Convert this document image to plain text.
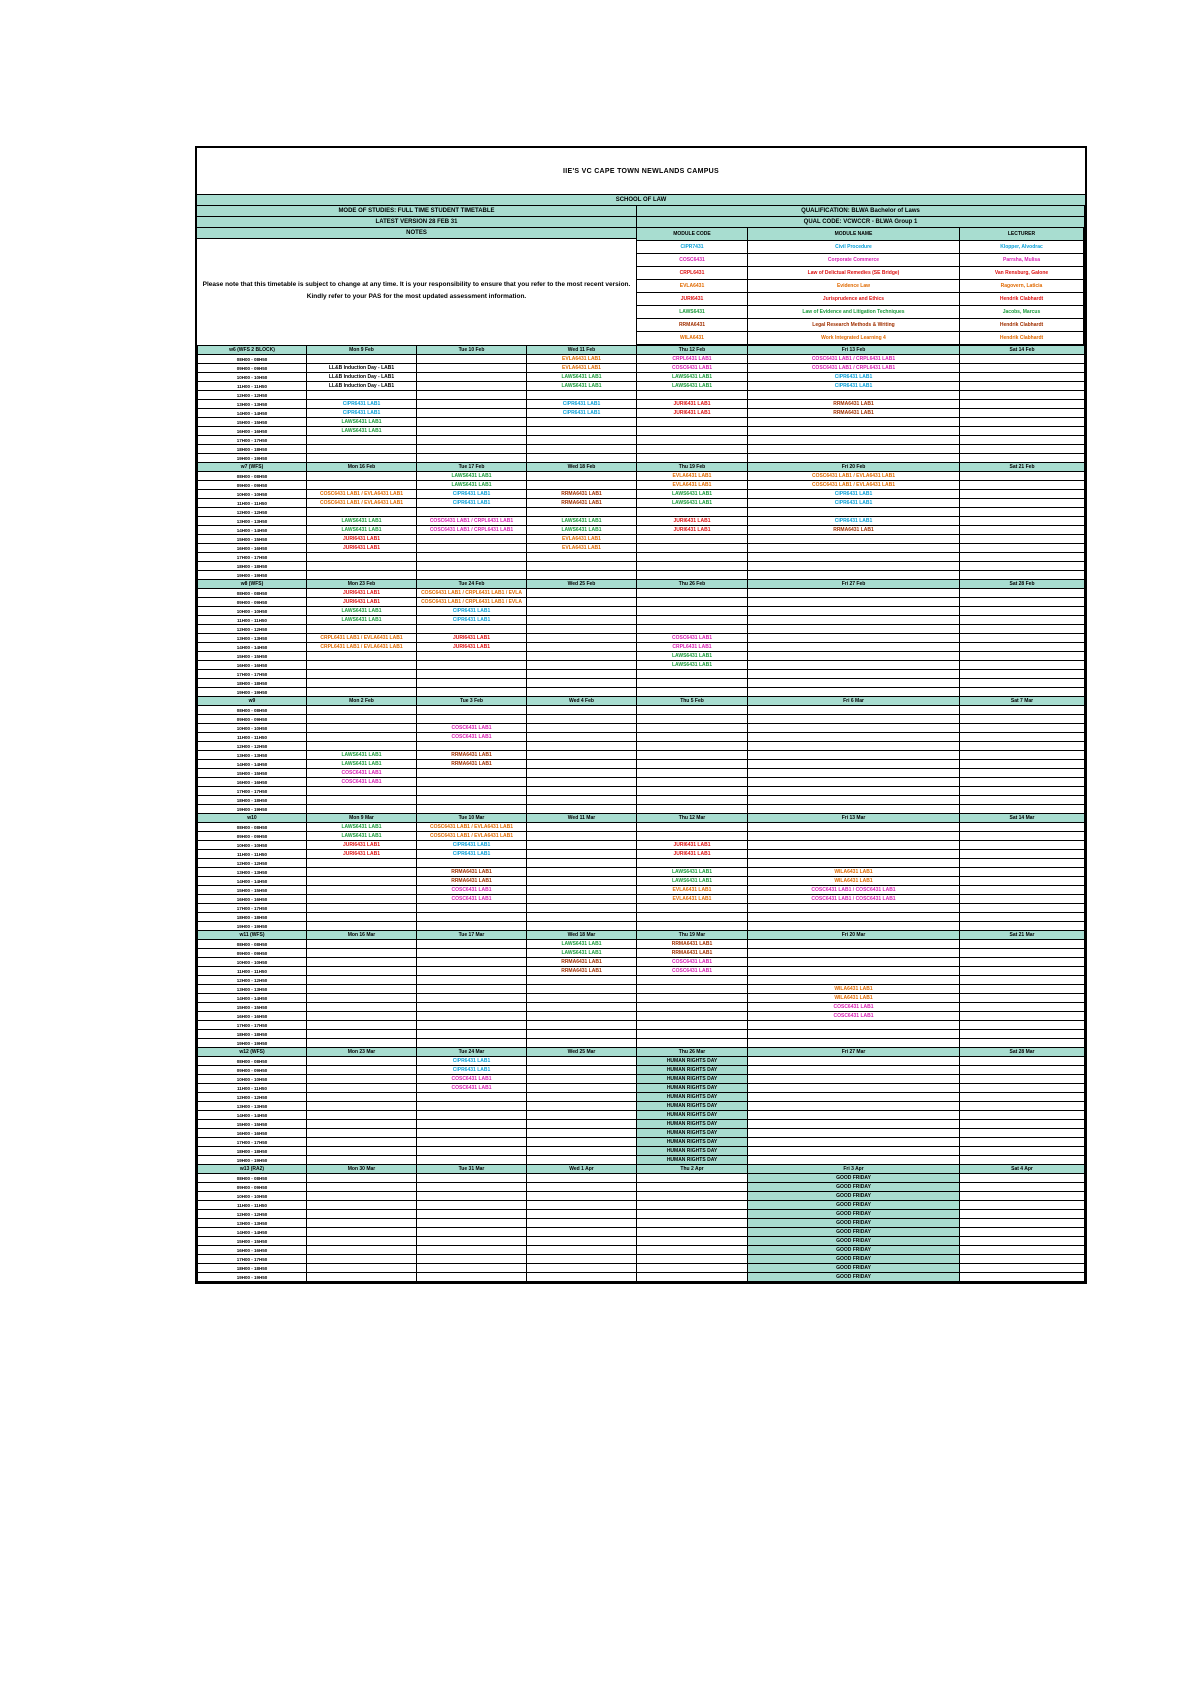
IIE'S VC CAPE TOWN NEWLANDS CAMPUS
SCHOOL OF LAW
MODE OF STUDIES: FULL TIME STUDENT TIMETABLE
LATEST VERSION 28 FEB 31
NOTES
Please note that this timetable is subject to change at any time. It is your responsibility to ensure that you refer to the most recent version. Kindly refer to your PAS for the most updated assessment information.
QUALIFICATION: BLWA Bachelor of Laws
QUAL CODE: VCWCCR - BLWA Group 1
MODULE CODE	MODULE NAME	LECTURER
CIPR7431	Civil Procedure	Klopper, Alvodrac
COSC6431	Corporate Commerce	Parrsha, Mulisa
CRPL6431	Law of Delictual Remedies (SE Bridge)	Van Rensburg, Galone
EVLA6431	Evidence Law	Ragovern, Laticia
JURI6431	Jurisprudence and Ethics	Hendrik Clabhardt
LAWS6431	Law of Evidence and Litigation Techniques	Jacobs, Marcus
RRMA6431	Legal Research Methods & Writing	Hendrik Clabhardt
WILA6431	Work Integrated Learning 4	Hendrik Clabhardt
w6 (WFS 2 BLOCK)	Mon 9 Feb	Tue 10 Feb	Wed 11 Feb	Thu 12 Feb	Fri 13 Feb	Sat 14 Feb
08H00 - 08H50			EVLA6431 LAB1	CRPL6431 LAB1	COSC6431 LAB1 / CRPL6431 LAB1	
09H00 - 09H50	LL&B Induction Day - LAB1		EVLA6431 LAB1	COSC6431 LAB1	COSC6431 LAB1 / CRPL6431 LAB1	
10H00 - 10H50	LL&B Induction Day - LAB1		LAWS6431 LAB1	LAWS6431 LAB1	CIPR6431 LAB1	
11H00 - 11H50	LL&B Induction Day - LAB1		LAWS6431 LAB1	LAWS6431 LAB1	CIPR6431 LAB1	
12H00 - 12H50						
13H00 - 13H50	CIPR6431 LAB1		CIPR6431 LAB1	JURI6431 LAB1	RRMA6431 LAB1	
14H00 - 14H50	CIPR6431 LAB1		CIPR6431 LAB1	JURI6431 LAB1	RRMA6431 LAB1	
15H00 - 15H50	LAWS6431 LAB1					
16H00 - 16H50	LAWS6431 LAB1					
17H00 - 17H50						
18H00 - 18H50						
19H00 - 19H50						
w7 (WFS)	Mon 16 Feb	Tue 17 Feb	Wed 18 Feb	Thu 19 Feb	Fri 20 Feb	Sat 21 Feb
08H00 - 08H50		LAWS6431 LAB1		EVLA6431 LAB1	COSC6431 LAB1 / EVLA6431 LAB1	
09H00 - 09H50		LAWS6431 LAB1		EVLA6431 LAB1	COSC6431 LAB1 / EVLA6431 LAB1	
10H00 - 10H50	COSC6431 LAB1 / EVLA6431 LAB1	CIPR6431 LAB1	RRMA6431 LAB1	LAWS6431 LAB1	CIPR6431 LAB1	
11H00 - 11H50	COSC6431 LAB1 / EVLA6431 LAB1	CIPR6431 LAB1	RRMA6431 LAB1	LAWS6431 LAB1	CIPR6431 LAB1	
12H00 - 12H50						
13H00 - 13H50	LAWS6431 LAB1	COSC6431 LAB1 / CRPL6431 LAB1	LAWS6431 LAB1	JURI6431 LAB1	CIPR6431 LAB1	
14H00 - 14H50	LAWS6431 LAB1	COSC6431 LAB1 / CRPL6431 LAB1	LAWS6431 LAB1	JURI6431 LAB1	RRMA6431 LAB1	
15H00 - 15H50	JURI6431 LAB1		EVLA6431 LAB1			
16H00 - 16H50	JURI6431 LAB1		EVLA6431 LAB1			
17H00 - 17H50						
18H00 - 18H50						
19H00 - 19H50						
w8 (WFS)	Mon 23 Feb	Tue 24 Feb	Wed 25 Feb	Thu 26 Feb	Fri 27 Feb	Sat 28 Feb
08H00 - 08H50	JURI6431 LAB1	COSC6431 LAB1 / CRPL6431 LAB1 / EVLA				
09H00 - 09H50	JURI6431 LAB1	COSC6431 LAB1 / CRPL6431 LAB1 / EVLA				
10H00 - 10H50	LAWS6431 LAB1	CIPR6431 LAB1				
11H00 - 11H50	LAWS6431 LAB1	CIPR6431 LAB1				
12H00 - 12H50						
13H00 - 13H50	CRPL6431 LAB1 / EVLA6431 LAB1	JURI6431 LAB1		COSC6431 LAB1		
14H00 - 14H50	CRPL6431 LAB1 / EVLA6431 LAB1	JURI6431 LAB1		CRPL6431 LAB1		
15H00 - 15H50				LAWS6431 LAB1		
16H00 - 16H50				LAWS6431 LAB1		
17H00 - 17H50						
18H00 - 18H50						
19H00 - 19H50						
w9	Mon 2 Feb	Tue 3 Feb	Wed 4 Feb	Thu 5 Feb	Fri 6 Mar	Sat 7 Mar
08H00 - 08H50						
09H00 - 09H50						
10H00 - 10H50		COSC6431 LAB1				
11H00 - 11H50		COSC6431 LAB1				
12H00 - 12H50						
13H00 - 13H50	LAWS6431 LAB1	RRMA6431 LAB1				
14H00 - 14H50	LAWS6431 LAB1	RRMA6431 LAB1				
15H00 - 15H50	COSC6431 LAB1					
16H00 - 16H50	COSC6431 LAB1					
17H00 - 17H50						
18H00 - 18H50						
19H00 - 19H50						
w10	Mon 9 Mar	Tue 10 Mar	Wed 11 Mar	Thu 12 Mar	Fri 13 Mar	Sat 14 Mar
08H00 - 08H50	LAWS6431 LAB1	COSC6431 LAB1 / EVLA6431 LAB1				
09H00 - 09H50	LAWS6431 LAB1	COSC6431 LAB1 / EVLA6431 LAB1				
10H00 - 10H50	JURI6431 LAB1	CIPR6431 LAB1		JURI6431 LAB1		
11H00 - 11H50	JURI6431 LAB1	CIPR6431 LAB1		JURI6431 LAB1		
12H00 - 12H50						
13H00 - 13H50		RRMA6431 LAB1		LAWS6431 LAB1	WILA6431 LAB1	
14H00 - 14H50		RRMA6431 LAB1		LAWS6431 LAB1	WILA6431 LAB1	
15H00 - 15H50		COSC6431 LAB1		EVLA6431 LAB1	COSC6431 LAB1 / COSC6431 LAB1	
16H00 - 16H50		COSC6431 LAB1		EVLA6431 LAB1	COSC6431 LAB1 / COSC6431 LAB1	
17H00 - 17H50						
18H00 - 18H50						
19H00 - 19H50						
w11 (WFS)	Mon 16 Mar	Tue 17 Mar	Wed 18 Mar	Thu 19 Mar	Fri 20 Mar	Sat 21 Mar
08H00 - 08H50			LAWS6431 LAB1	RRMA6431 LAB1		
09H00 - 09H50			LAWS6431 LAB1	RRMA6431 LAB1		
10H00 - 10H50			RRMA6431 LAB1	COSC6431 LAB1		
11H00 - 11H50			RRMA6431 LAB1	COSC6431 LAB1		
12H00 - 12H50						
13H00 - 13H50					WILA6431 LAB1	
14H00 - 14H50					WILA6431 LAB1	
15H00 - 15H50					COSC6431 LAB1	
16H00 - 16H50					COSC6431 LAB1	
17H00 - 17H50						
18H00 - 18H50						
19H00 - 19H50						
w12 (WFS)	Mon 23 Mar	Tue 24 Mar	Wed 25 Mar	Thu 26 Mar	Fri 27 Mar	Sat 28 Mar
08H00 - 08H50		CIPR6431 LAB1		HUMAN RIGHTS DAY		
09H00 - 09H50		CIPR6431 LAB1		HUMAN RIGHTS DAY		
10H00 - 10H50		COSC6431 LAB1		HUMAN RIGHTS DAY		
11H00 - 11H50		COSC6431 LAB1		HUMAN RIGHTS DAY		
12H00 - 12H50				HUMAN RIGHTS DAY		
13H00 - 13H50				HUMAN RIGHTS DAY		
14H00 - 14H50				HUMAN RIGHTS DAY		
15H00 - 15H50				HUMAN RIGHTS DAY		
16H00 - 16H50				HUMAN RIGHTS DAY		
17H00 - 17H50				HUMAN RIGHTS DAY		
18H00 - 18H50				HUMAN RIGHTS DAY		
19H00 - 19H50				HUMAN RIGHTS DAY		
w13 (RA2)	Mon 30 Mar	Tue 31 Mar	Wed 1 Apr	Thu 2 Apr	Fri 3 Apr	Sat 4 Apr
08H00 - 08H50					GOOD FRIDAY	
09H00 - 09H50					GOOD FRIDAY	
10H00 - 10H50					GOOD FRIDAY	
11H00 - 11H50					GOOD FRIDAY	
12H00 - 12H50					GOOD FRIDAY	
13H00 - 13H50					GOOD FRIDAY	
14H00 - 14H50					GOOD FRIDAY	
15H00 - 15H50					GOOD FRIDAY	
16H00 - 16H50					GOOD FRIDAY	
17H00 - 17H50					GOOD FRIDAY	
18H00 - 18H50					GOOD FRIDAY	
19H00 - 19H50					GOOD FRIDAY	
